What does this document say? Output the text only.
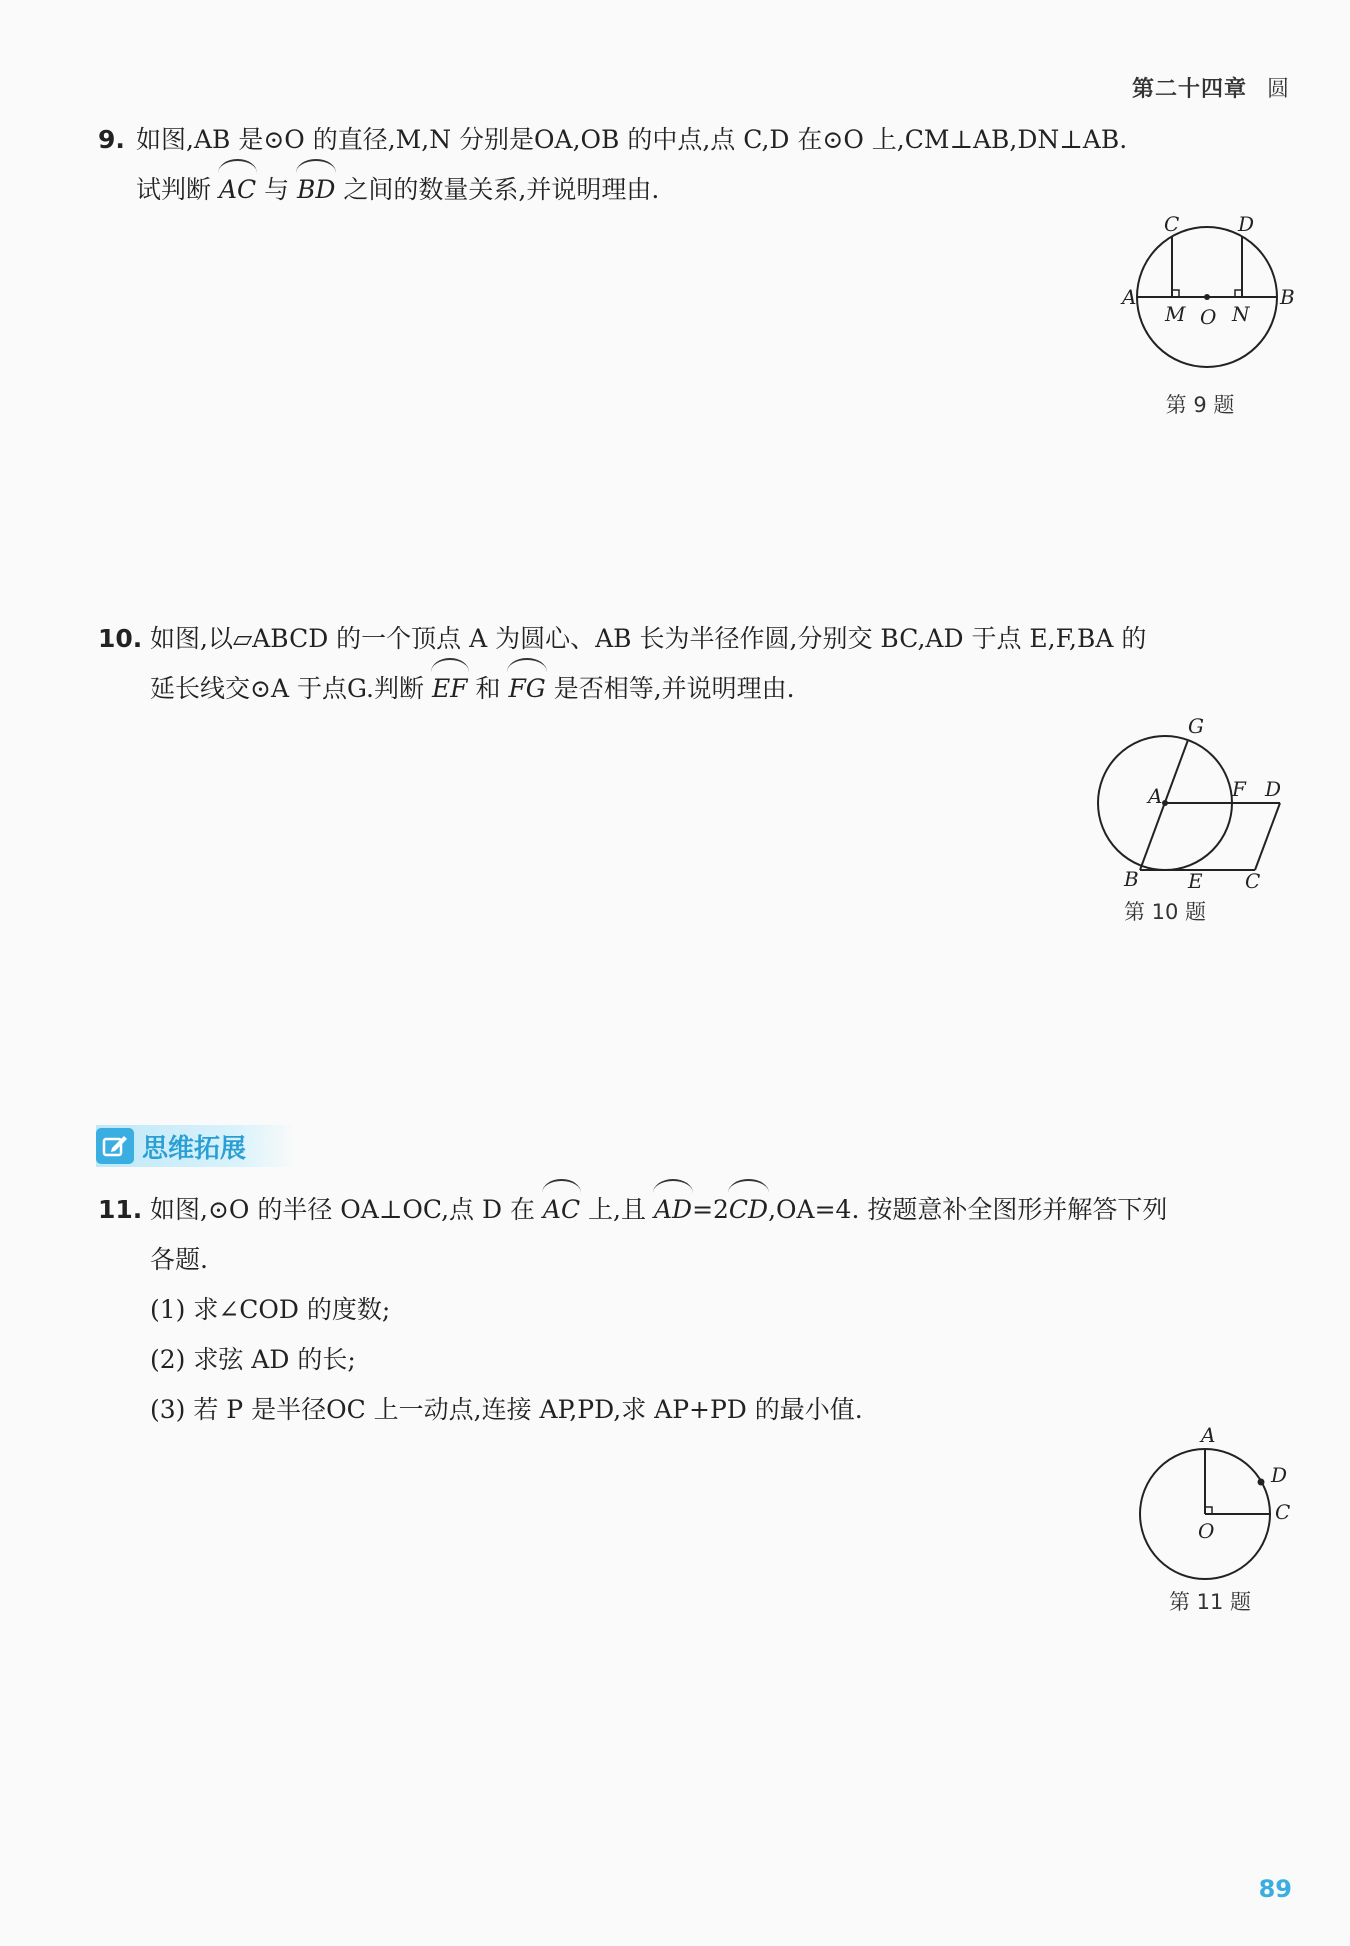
第二十四章 圆
9. 如图,AB 是⊙O 的直径,M,N 分别是OA,OB 的中点,点 C,D 在⊙O 上,CM⊥AB,DN⊥AB.
试判断 AC 与 BD 之间的数量关系,并说明理由.
C	D
A	B
M O N
第 9 题
10. 如图,以▱ABCD 的一个顶点 A 为圆心、AB 长为半径作圆,分别交 BC,AD 于点 E,F,BA 的
延长线交⊙A 于点G.判断 EF 和 FG 是否相等,并说明理由.
G
A	F D
B E C
第 10 题
思维拓展
11. 如图,⊙O 的半径 OA⊥OC,点 D 在 AC 上,且 AD=2CD,OA=4. 按题意补全图形并解答下列
各题.
(1) 求∠COD 的度数;
(2) 求弦 AD 的长;
(3) 若 P 是半径OC 上一动点,连接 AP,PD,求 AP+PD 的最小值.
A
D
O
C
第 11 题
89
